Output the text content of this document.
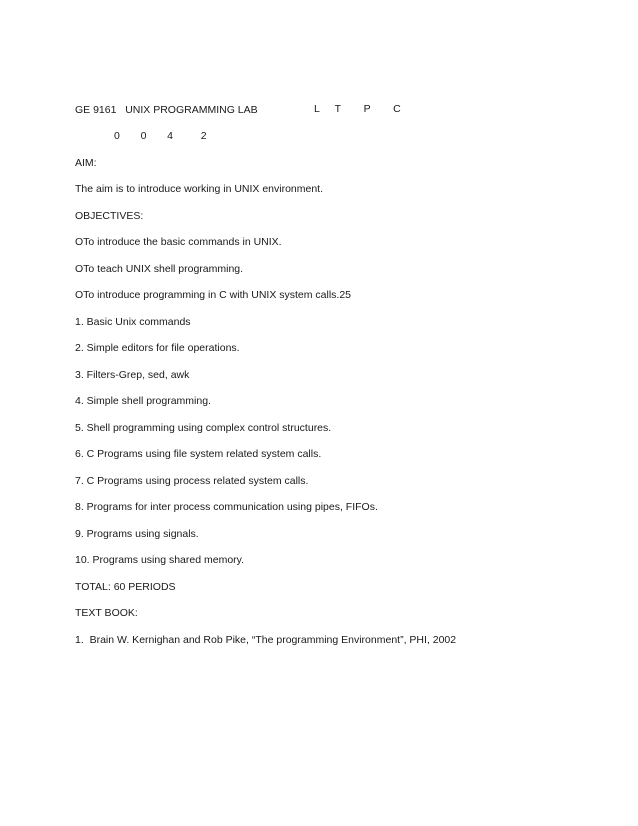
GE 9161   UNIX PROGRAMMING LAB	L  T   P   C
0   0   4    2
AIM:
The aim is to introduce working in UNIX environment.
OBJECTIVES:
OTo introduce the basic commands in UNIX.
OTo teach UNIX shell programming.
OTo introduce programming in C with UNIX system calls.25
1. Basic Unix commands
2. Simple editors for file operations.
3. Filters-Grep, sed, awk
4. Simple shell programming.
5. Shell programming using complex control structures.
6. C Programs using file system related system calls.
7. C Programs using process related system calls.
8. Programs for inter process communication using pipes, FIFOs.
9. Programs using signals.
10. Programs using shared memory.
TOTAL: 60 PERIODS
TEXT BOOK:
1.  Brain W. Kernighan and Rob Pike, “The programming Environment”, PHI, 2002
